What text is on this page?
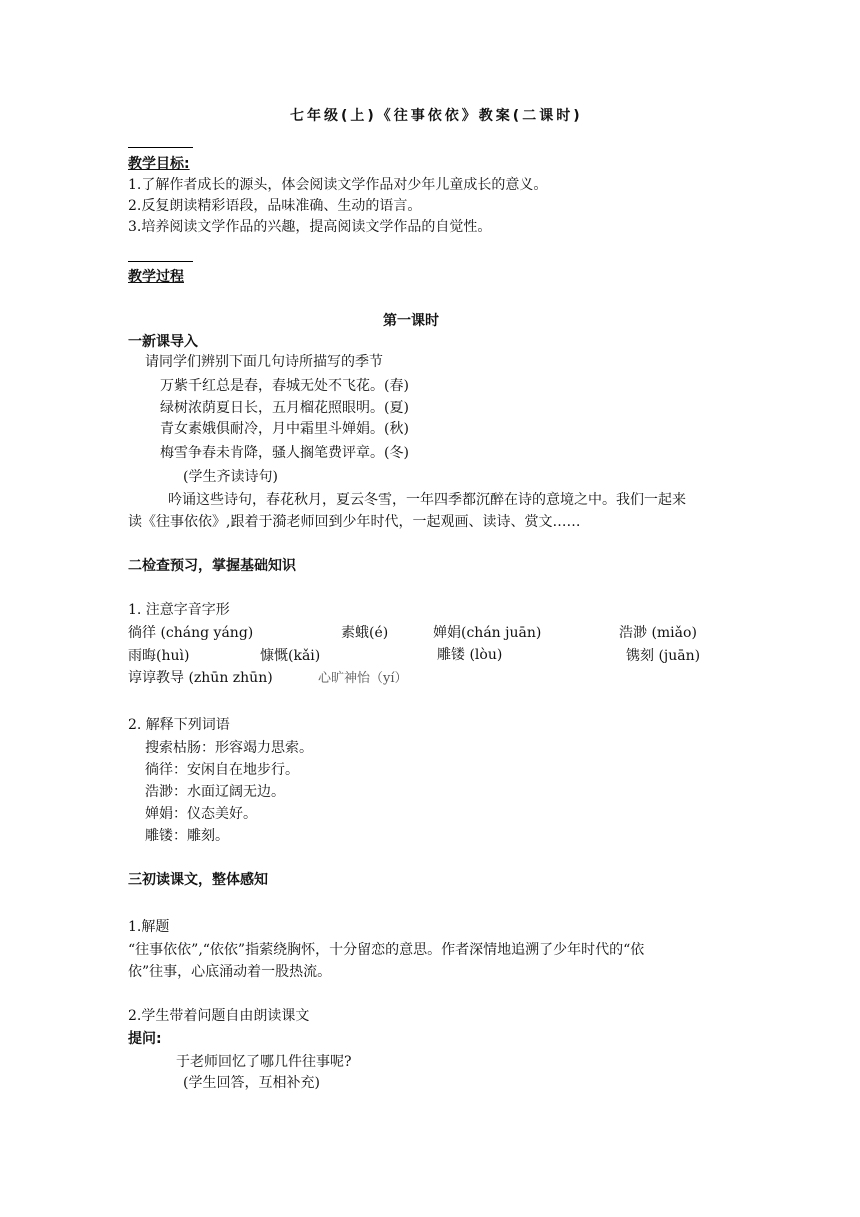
七年级(上)《往事依依》教案(二课时)
教学目标:
1.了解作者成长的源头，体会阅读文学作品对少年儿童成长的意义。
2.反复朗读精彩语段，品味准确、生动的语言。
3.培养阅读文学作品的兴趣，提高阅读文学作品的自觉性。
教学过程
第一课时
一新课导入
请同学们辨别下面几句诗所描写的季节
万紫千红总是春，春城无处不飞花。(春)
绿树浓荫夏日长，五月榴花照眼明。(夏)
青女素娥俱耐冷，月中霜里斗婵娟。(秋)
梅雪争春未肯降，骚人搁笔费评章。(冬)
(学生齐读诗句)
吟诵这些诗句，春花秋月，夏云冬雪，一年四季都沉醉在诗的意境之中。我们一起来
读《往事依依》,跟着于漪老师回到少年时代，一起观画、读诗、赏文……
二检查预习，掌握基础知识
1. 注意字音字形
徜徉 (cháng yáng)	素蛾(é)	婵娟(chán juān)	浩渺 (miǎo)
雨晦(huì)	慷慨(kǎi)	雕镂 (lòu)	镌刻 (juān)
谆谆教导 (zhūn zhūn)	心旷神怡（yí）
2. 解释下列词语
搜索枯肠：形容竭力思索。
徜徉：安闲自在地步行。
浩渺：水面辽阔无边。
婵娟：仪态美好。
雕镂：雕刻。
三初读课文，整体感知
1.解题
“往事依依”,“依依”指萦绕胸怀，十分留恋的意思。作者深情地追溯了少年时代的“依
依”往事，心底涌动着一股热流。
2.学生带着问题自由朗读课文
提问:
于老师回忆了哪几件往事呢?
(学生回答，互相补充)
